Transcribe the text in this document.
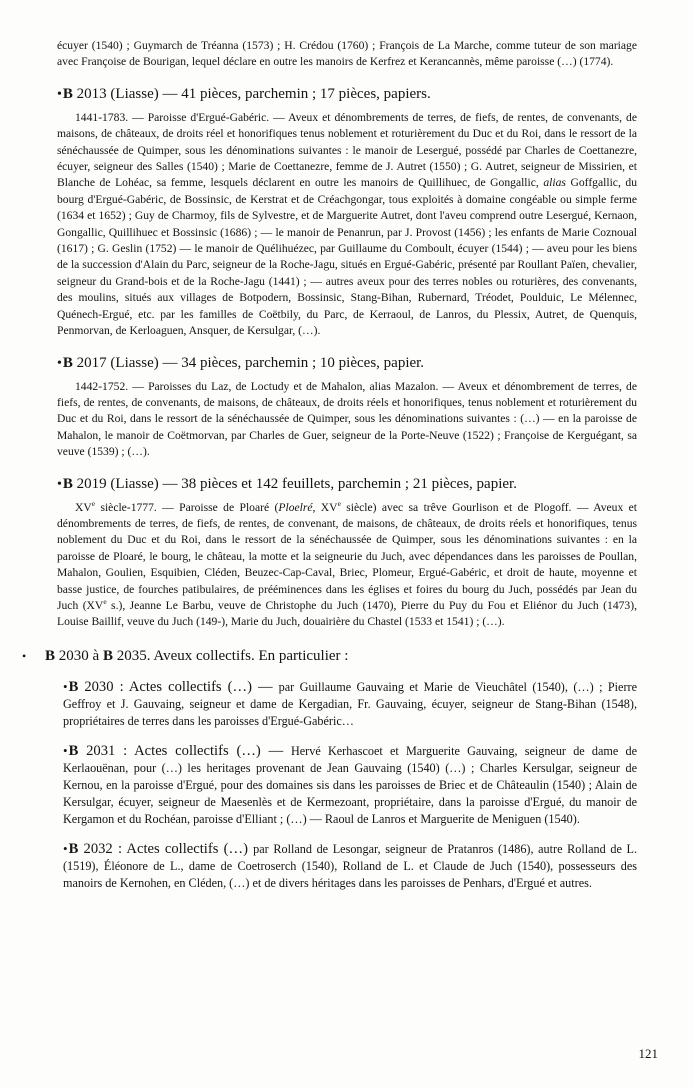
écuyer (1540) ; Guymarch de Tréanna (1573) ; H. Crédou (1760) ; François de La Marche, comme tuteur de son mariage avec Françoise de Bourigan, lequel déclare en outre les manoirs de Kerfrez et Kerancannès, même paroisse (…) (1774).

•B 2013 (Liasse) — 41 pièces, parchemin ; 17 pièces, papiers.

1441-1783. — Paroisse d'Ergué-Gabéric. — Aveux et dénombrements de terres, de fiefs, de rentes, de convenants, de maisons, de châteaux, de droits réel et honorifiques tenus noblement et roturièrement du Duc et du Roi, dans le ressort de la sénéchaussée de Quimper, sous les dénominations suivantes : le manoir de Lesergué, possédé par Charles de Coettanezre, écuyer, seigneur des Salles (1540) ; Marie de Coettanezre, femme de J. Autret (1550) ; G. Autret, seigneur de Missirien, et Blanche de Lohéac, sa femme, lesquels déclarent en outre les manoirs de Quillihuec, de Gongallic, alias Goffgallic, du bourg d'Ergué-Gabéric, de Bossinsic, de Kerstrat et de Créachgongar, tous exploités à domaine congéable ou simple ferme (1634 et 1652) ; Guy de Charmoy, fils de Sylvestre, et de Marguerite Autret, dont l'aveu comprend outre Lesergué, Kernaon, Gongallic, Quillihuec et Bossinsic (1686) ; — le manoir de Penanrun, par J. Provost (1456) ; les enfants de Marie Coznoual (1617) ; G. Geslin (1752) — le manoir de Quélihuézec, par Guillaume du Comboult, écuyer (1544) ; — aveu pour les biens de la succession d'Alain du Parc, seigneur de la Roche-Jagu, situés en Ergué-Gabéric, présenté par Roullant Païen, chevalier, seigneur du Grand-bois et de la Roche-Jagu (1441) ; — autres aveux pour des terres nobles ou roturières, des convenants, des moulins, situés aux villages de Botpodern, Bossinsic, Stang-Bihan, Rubernard, Tréodet, Poulduic, Le Mélennec, Quénech-Ergué, etc. par les familles de Coëtbily, du Parc, de Kerraoul, de Lanros, du Plessix, Autret, de Quenquis, Penmorvan, de Kerloaguen, Ansquer, de Kersulgar, (…).

•B 2017 (Liasse) — 34 pièces, parchemin ; 10 pièces, papier.

1442-1752. — Paroisses du Laz, de Loctudy et de Mahalon, alias Mazalon. — Aveux et dénombrement de terres, de fiefs, de rentes, de convenants, de maisons, de châteaux, de droits réels et honorifiques, tenus noblement et roturièrement du Duc et du Roi, dans le ressort de la sénéchaussée de Quimper, sous les dénominations suivantes : (…) — en la paroisse de Mahalon, le manoir de Coëtmorvan, par Charles de Guer, seigneur de la Porte-Neuve (1522) ; Françoise de Kerguégant, sa veuve (1539) ; (…).

•B 2019 (Liasse) — 38 pièces et 142 feuillets, parchemin ; 21 pièces, papier.

XVe siècle-1777. — Paroisse de Ploaré (Ploelré, XVe siècle) avec sa trêve Gourlison et de Plogoff. — Aveux et dénombrements de terres, de fiefs, de rentes, de convenant, de maisons, de châteaux, de droits réels et honorifiques, tenus noblement du Duc et du Roi, dans le ressort de la sénéchaussée de Quimper, sous les dénominations suivantes : en la paroisse de Ploaré, le bourg, le château, la motte et la seigneurie du Juch, avec dépendances dans les paroisses de Poullan, Mahalon, Goulien, Esquibien, Cléden, Beuzec-Cap-Caval, Briec, Plomeur, Ergué-Gabéric, et droit de haute, moyenne et basse justice, de fourches patibulaires, de prééminences dans les églises et foires du bourg du Juch, possédés par Jean du Juch (XVe s.), Jeanne Le Barbu, veuve de Christophe du Juch (1470), Pierre du Puy du Fou et Eliénor du Juch (1473), Louise Baillif, veuve du Juch (149-), Marie du Juch, douairière du Chastel (1533 et 1541) ; (…).

• B 2030 à B 2035. Aveux collectifs. En particulier :

•B 2030 : Actes collectifs (…) — par Guillaume Gauvaing et Marie de Vieuchâtel (1540), (…) ; Pierre Geffroy et J. Gauvaing, seigneur et dame de Kergadian, Fr. Gauvaing, écuyer, seigneur de Stang-Bihan (1548), propriétaires de terres dans les paroisses d'Ergué-Gabéric…

•B 2031 : Actes collectifs (…) — Hervé Kerhascoet et Marguerite Gauvaing, seigneur de dame de Kerlaouënan, pour (…) les heritages provenant de Jean Gauvaing (1540) (…) ; Charles Kersulgar, seigneur de Kernou, en la paroisse d'Ergué, pour des domaines sis dans les paroisses de Briec et de Châteaulin (1540) ; Alain de Kersulgar, écuyer, seigneur de Maesenlès et de Kermezoant, propriétaire, dans la paroisse d'Ergué, du manoir de Kergamon et du Rochéan, paroisse d'Elliant ; (…) — Raoul de Lanros et Marguerite de Meniguen (1540).

•B 2032 : Actes collectifs (…) par Rolland de Lesongar, seigneur de Pratanros (1486), autre Rolland de L. (1519), Éléonore de L., dame de Coetroserch (1540), Rolland de L. et Claude de Juch (1540), possesseurs des manoirs de Kernohen, en Cléden, (…) et de divers héritages dans les paroisses de Penhars, d'Ergué et autres.

121
